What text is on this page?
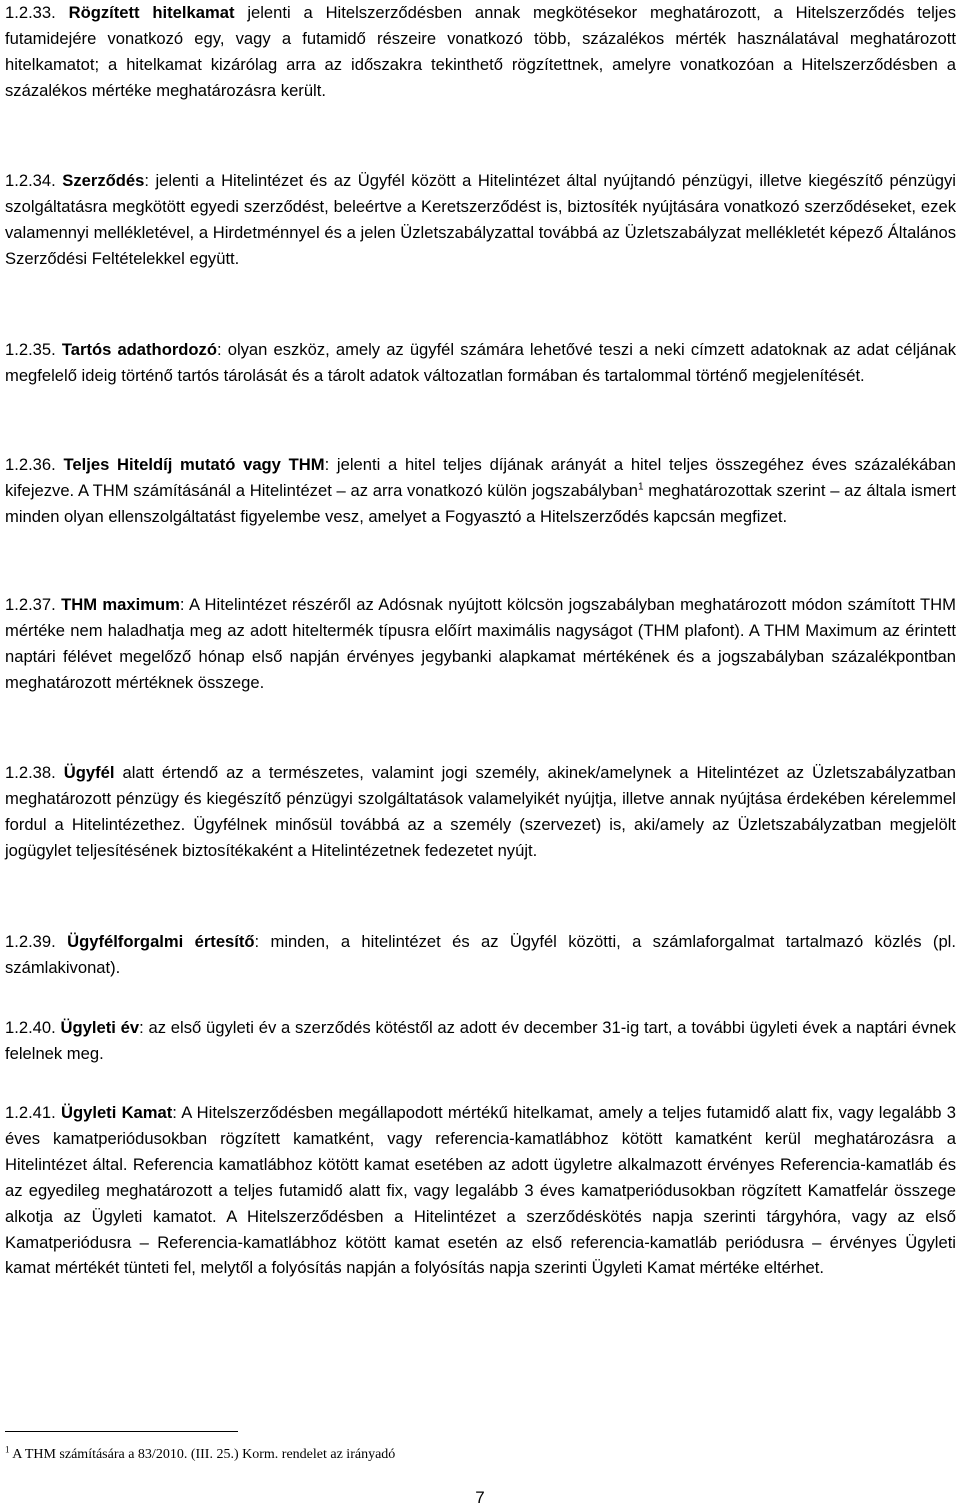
1.2.33. Rögzített hitelkamat jelenti a Hitelszerződésben annak megkötésekor meghatározott, a Hitelszerződés teljes futamidejére vonatkozó egy, vagy a futamidő részeire vonatkozó több, százalékos mérték használatával meghatározott hitelkamatot; a hitelkamat kizárólag arra az időszakra tekinthető rögzítettnek, amelyre vonatkozóan a Hitelszerződésben a százalékos mértéke meghatározásra került.

1.2.34. Szerződés: jelenti a Hitelintézet és az Ügyfél között a Hitelintézet által nyújtandó pénzügyi, illetve kiegészítő pénzügyi szolgáltatásra megkötött egyedi szerződést, beleértve a Keretszerződést is, biztosíték nyújtására vonatkozó szerződéseket, ezek valamennyi mellékletével, a Hirdetménnyel és a jelen Üzletszabályzattal továbbá az Üzletszabályzat mellékletét képező Általános Szerződési Feltételekkel együtt.

1.2.35. Tartós adathordozó: olyan eszköz, amely az ügyfél számára lehetővé teszi a neki címzett adatoknak az adat céljának megfelelő ideig történő tartós tárolását és a tárolt adatok változatlan formában és tartalommal történő megjelenítését.

1.2.36. Teljes Hiteldíj mutató vagy THM: jelenti a hitel teljes díjának arányát a hitel teljes összegéhez éves százalékában kifejezve. A THM számításánál a Hitelintézet – az arra vonatkozó külön jogszabályban$^1$ meghatározottak szerint – az általa ismert minden olyan ellenszolgáltatást figyelembe vesz, amelyet a Fogyasztó a Hitelszerződés kapcsán megfizet.

1.2.37. THM maximum: A Hitelintézet részéről az Adósnak nyújtott kölcsön jogszabályban meghatározott módon számított THM mértéke nem haladhatja meg az adott hiteltermék típusra előírt maximális nagyságot (THM plafont). A THM Maximum az érintett naptári félévet megelőző hónap első napján érvényes jegybanki alapkamat mértékének és a jogszabályban százalékpontban meghatározott mértéknek összege.

1.2.38. Ügyfél alatt értendő az a természetes, valamint jogi személy, akinek/amelynek a Hitelintézet az Üzletszabályzatban meghatározott pénzügy és kiegészítő pénzügyi szolgáltatások valamelyikét nyújtja, illetve annak nyújtása érdekében kérelemmel fordul a Hitelintézethez. Ügyfélnek minősül továbbá az a személy (szervezet) is, aki/amely az Üzletszabályzatban megjelölt jogügylet teljesítésének biztosítékaként a Hitelintézetnek fedezetet nyújt.

1.2.39. Ügyfélforgalmi értesítő: minden, a hitelintézet és az Ügyfél közötti, a számlaforgalmat tartalmazó közlés (pl. számlakivonat).

1.2.40. Ügyleti év: az első ügyleti év a szerződés kötéstől az adott év december 31-ig tart, a további ügyleti évek a naptári évnek felelnek meg.

1.2.41. Ügyleti Kamat: A Hitelszerződésben megállapodott mértékű hitelkamat, amely a teljes futamidő alatt fix, vagy legalább 3 éves kamatperiódusokban rögzített kamatként, vagy referencia-kamatlábhoz kötött kamatként kerül meghatározásra a Hitelintézet által. Referencia kamatlábhoz kötött kamat esetében az adott ügyletre alkalmazott érvényes Referencia-kamatláb és az egyedileg meghatározott a teljes futamidő alatt fix, vagy legalább 3 éves kamatperiódusokban rögzített Kamatfelár összege alkotja az Ügyleti kamatot. A Hitelszerződésben a Hitelintézet a szerződéskötés napja szerinti tárgyhóra, vagy az első Kamatperiódusra – Referencia-kamatlábhoz kötött kamat esetén az első referencia-kamatláb periódusra – érvényes Ügyleti kamat mértékét tünteti fel, melytől a folyósítás napján a folyósítás napja szerinti Ügyleti Kamat mértéke eltérhet.

$^1$ A THM számítására a 83/2010. (III. 25.) Korm. rendelet az irányadó
7
